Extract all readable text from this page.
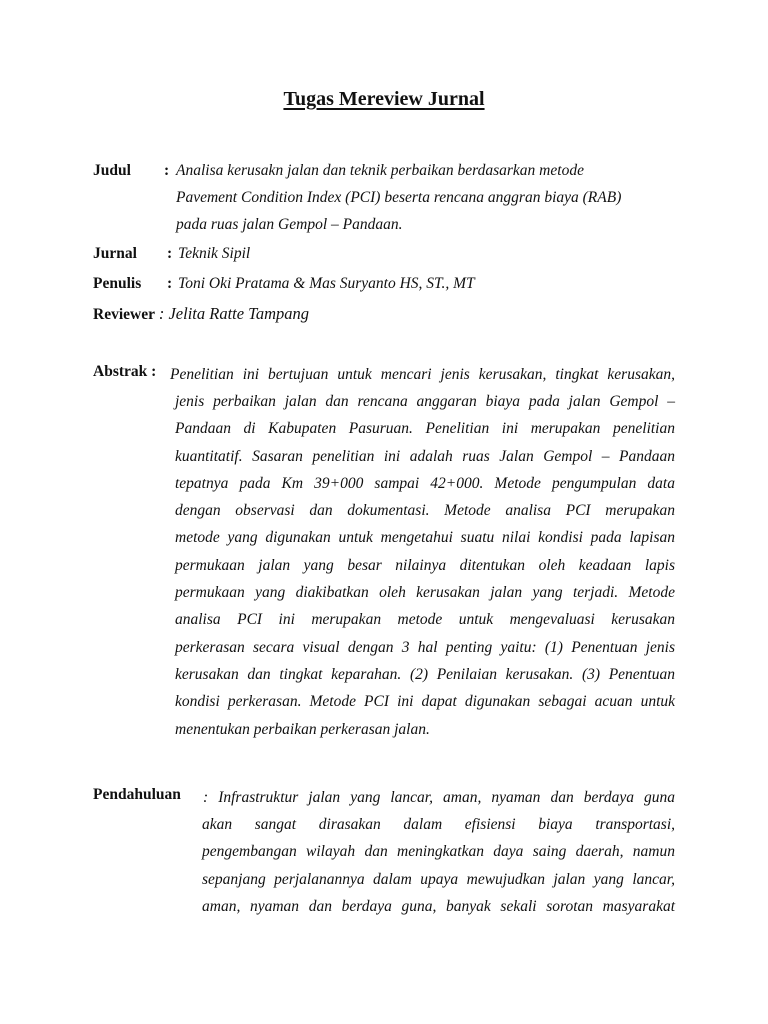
Tugas Mereview Jurnal
Judul : Analisa kerusakn jalan dan teknik perbaikan berdasarkan metode
Pavement Condition Index (PCI) beserta rencana anggran biaya (RAB)
pada ruas jalan Gempol – Pandaan.
Jurnal : Teknik Sipil
Penulis : Toni Oki Pratama & Mas Suryanto HS, ST., MT
Reviewer : Jelita Ratte Tampang
Abstrak : Penelitian ini bertujuan untuk mencari jenis kerusakan, tingkat kerusakan,
jenis perbaikan jalan dan rencana anggaran biaya pada jalan Gempol –
Pandaan di Kabupaten Pasuruan. Penelitian ini merupakan penelitian
kuantitatif. Sasaran penelitian ini adalah ruas Jalan Gempol – Pandaan
tepatnya pada Km 39+000 sampai 42+000. Metode pengumpulan data
dengan observasi dan dokumentasi. Metode analisa PCI merupakan
metode yang digunakan untuk mengetahui suatu nilai kondisi pada lapisan
permukaan jalan yang besar nilainya ditentukan oleh keadaan lapis
permukaan yang diakibatkan oleh kerusakan jalan yang terjadi. Metode
analisa PCI ini merupakan metode untuk mengevaluasi kerusakan
perkerasan secara visual dengan 3 hal penting yaitu: (1) Penentuan jenis
kerusakan dan tingkat keparahan. (2) Penilaian kerusakan. (3) Penentuan
kondisi perkerasan. Metode PCI ini dapat digunakan sebagai acuan untuk
menentukan perbaikan perkerasan jalan.
Pendahuluan : Infrastruktur jalan yang lancar, aman, nyaman dan berdaya guna
akan sangat dirasakan dalam efisiensi biaya transportasi,
pengembangan wilayah dan meningkatkan daya saing daerah, namun
sepanjang perjalanannya dalam upaya mewujudkan jalan yang lancar,
aman, nyaman dan berdaya guna, banyak sekali sorotan masyarakat
